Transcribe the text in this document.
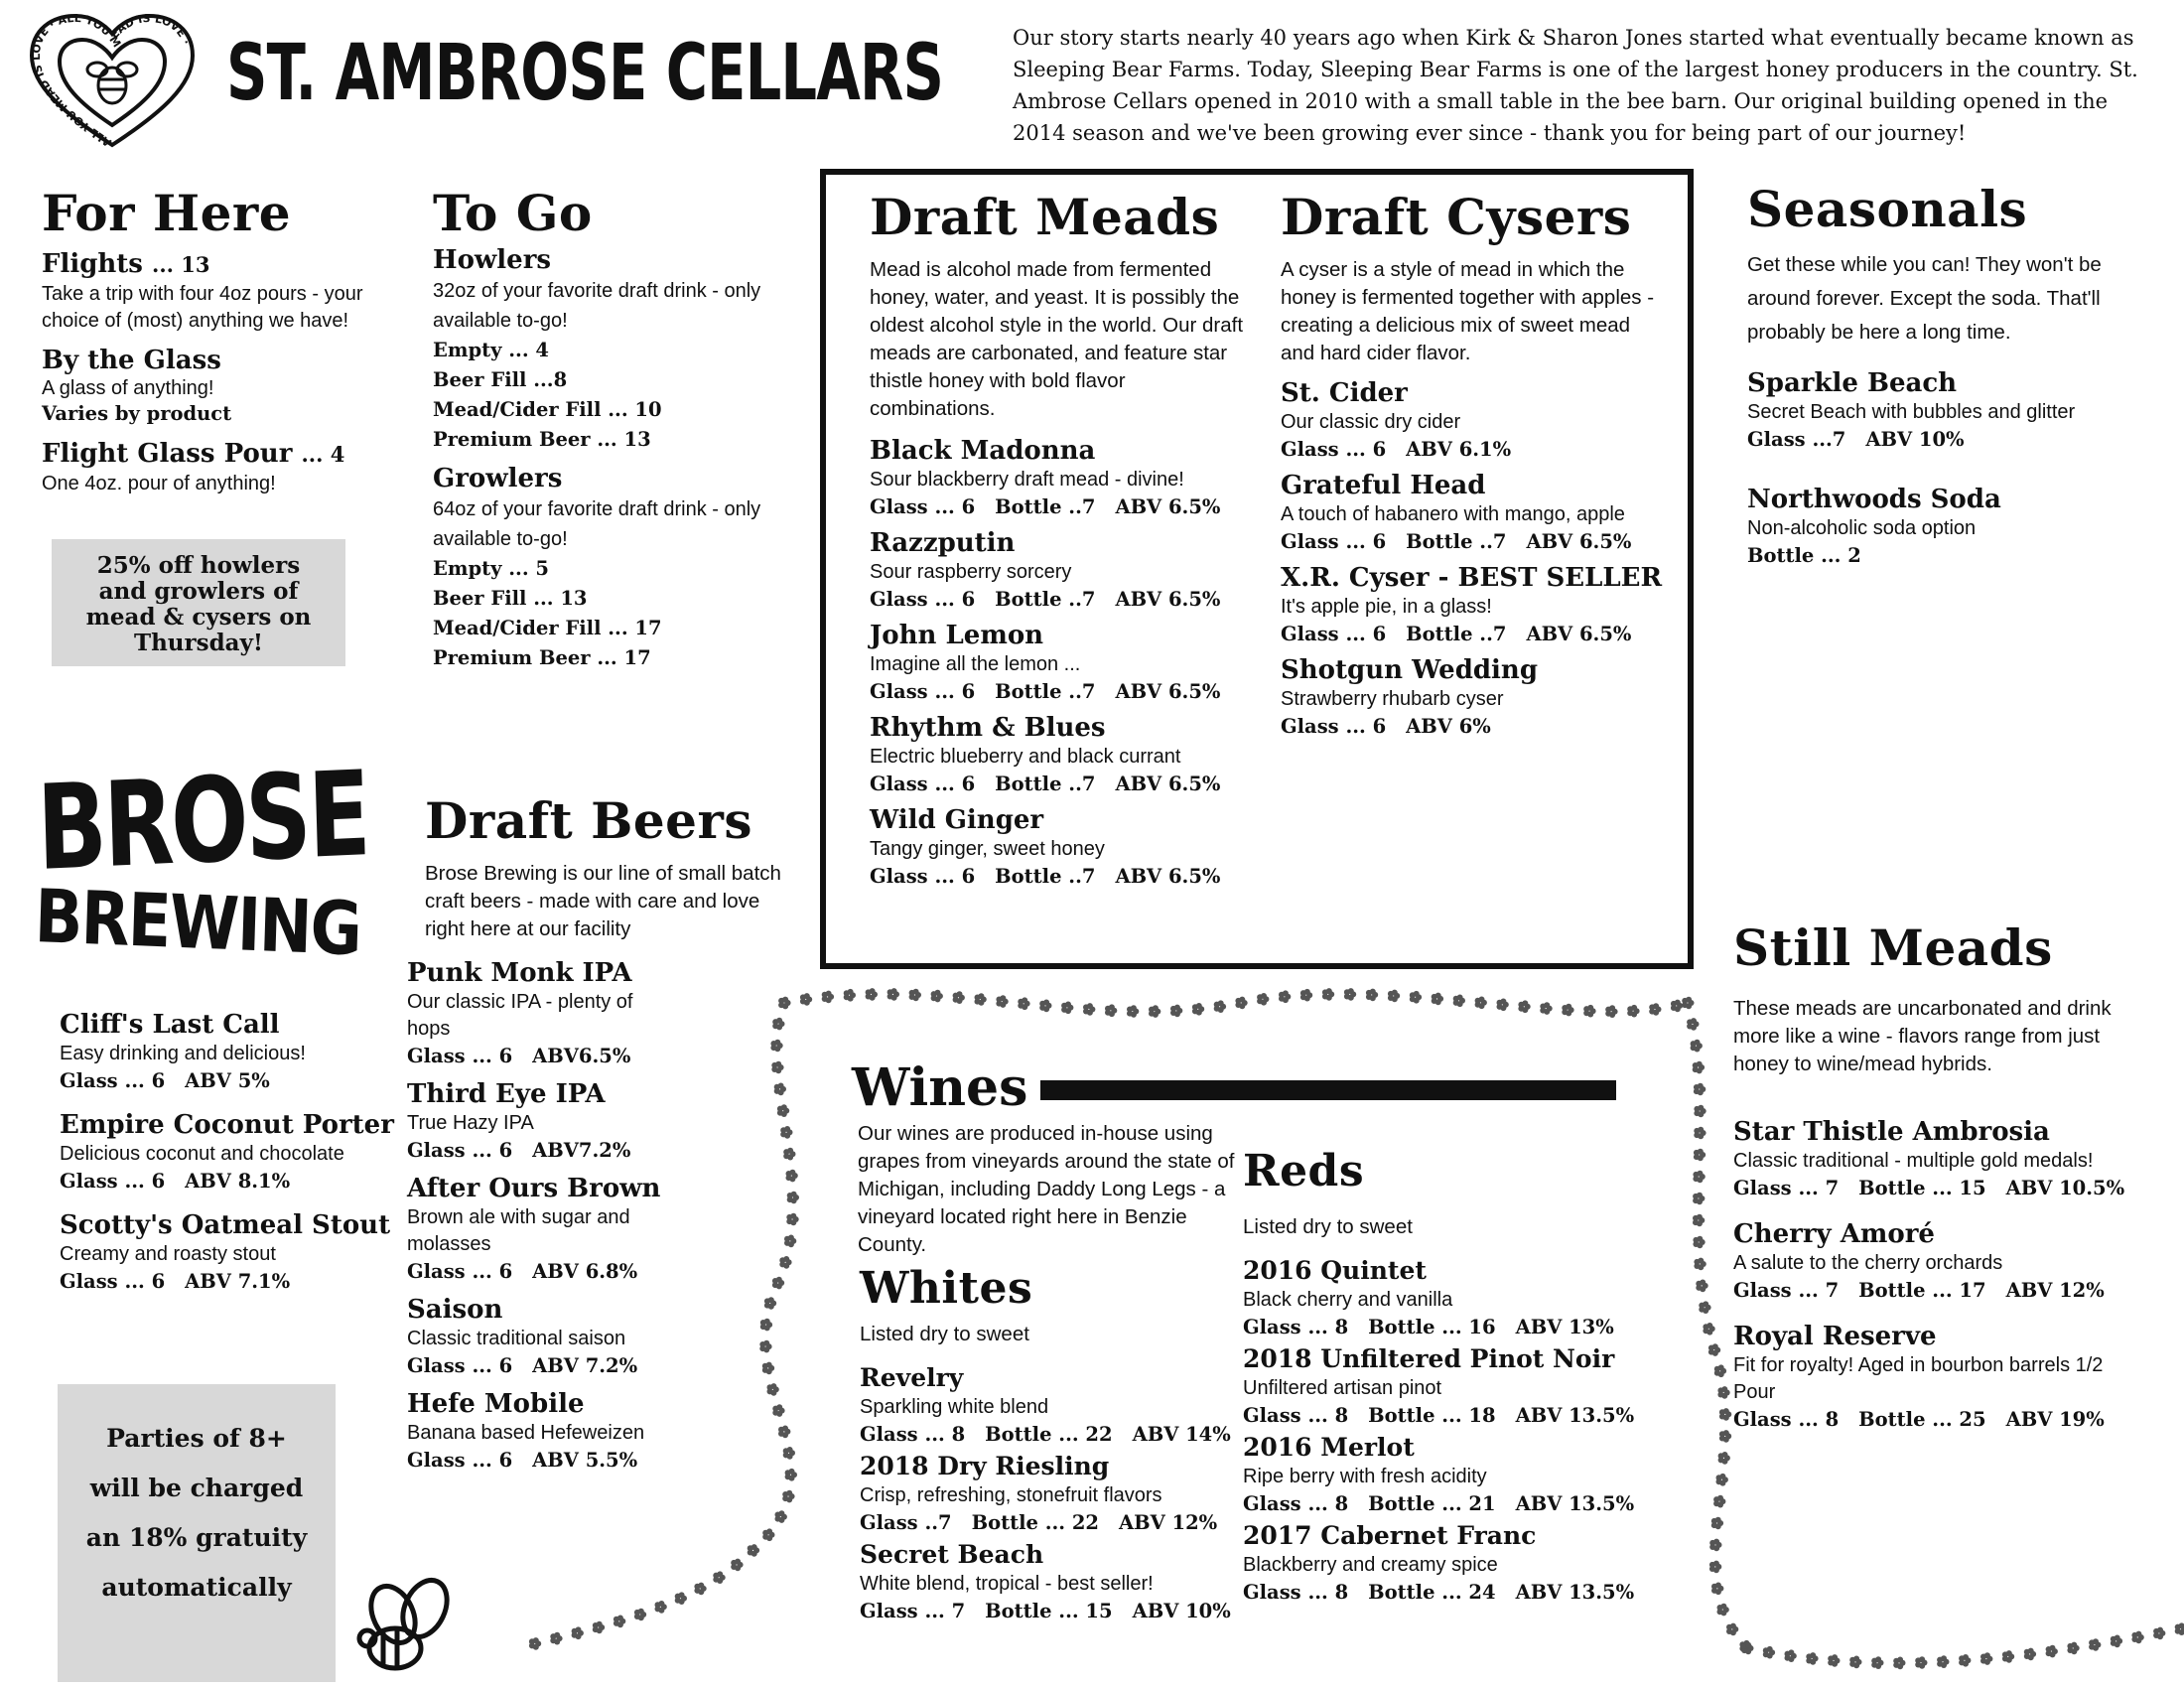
ALL YOU MEAD IS LOVE · ALL YOU MEAD IS LOVE · ST. AMBROSE CELLARS	Our story starts nearly 40 years ago when Kirk & Sharon Jones started what eventually became known as Sleeping Bear Farms. Today, Sleeping Bear Farms is one of the largest honey producers in the country. St. Ambrose Cellars opened in 2010 with a small table in the bee barn. Our original building opened in the 2014 season and we've been growing ever since - thank you for being part of our journey!
For Here
Flights ... 13
Take a trip with four 4oz pours - your choice of (most) anything we have!
By the Glass
A glass of anything!
Varies by product
Flight Glass Pour ... 4
One 4oz. pour of anything!
25% off howlers and growlers of mead & cysers on Thursday!
To Go
Howlers
32oz of your favorite draft drink - only available to-go!
Empty ... 4
Beer Fill ...8
Mead/Cider Fill ... 10
Premium Beer ... 13
Growlers
64oz of your favorite draft drink - only available to-go!
Empty ... 5
Beer Fill ... 13
Mead/Cider Fill ... 17
Premium Beer ... 17
Draft Meads
Mead is alcohol made from fermented honey, water, and yeast. It is possibly the oldest alcohol style in the world. Our draft meads are carbonated, and feature star thistle honey with bold flavor combinations.
Black Madonna
Sour blackberry draft mead - divine!
Glass ... 6 Bottle ..7 ABV 6.5%
Razzputin
Sour raspberry sorcery
Glass ... 6 Bottle ..7 ABV 6.5%
John Lemon
Imagine all the lemon ...
Glass ... 6 Bottle ..7 ABV 6.5%
Rhythm & Blues
Electric blueberry and black currant
Glass ... 6 Bottle ..7 ABV 6.5%
Wild Ginger
Tangy ginger, sweet honey
Glass ... 6 Bottle ..7 ABV 6.5%
Draft Cysers
A cyser is a style of mead in which the honey is fermented together with apples - creating a delicious mix of sweet mead and hard cider flavor.
St. Cider
Our classic dry cider
Glass ... 6 ABV 6.1%
Grateful Head
A touch of habanero with mango, apple
Glass ... 6 Bottle ..7 ABV 6.5%
X.R. Cyser - BEST SELLER
It's apple pie, in a glass!
Glass ... 6 Bottle ..7 ABV 6.5%
Shotgun Wedding
Strawberry rhubarb cyser
Glass ... 6 ABV 6%
Seasonals
Get these while you can! They won't be around forever. Except the soda. That'll probably be here a long time.
Sparkle Beach
Secret Beach with bubbles and glitter
Glass ...7 ABV 10%
Northwoods Soda
Non-alcoholic soda option
Bottle ... 2
BROSE
BREWING
Cliff's Last Call
Easy drinking and delicious!
Glass ... 6 ABV 5%
Empire Coconut Porter
Delicious coconut and chocolate
Glass ... 6 ABV 8.1%
Scotty's Oatmeal Stout
Creamy and roasty stout
Glass ... 6 ABV 7.1%
Parties of 8+ will be charged an 18% gratuity automatically
Draft Beers
Brose Brewing is our line of small batch craft beers - made with care and love right here at our facility
Punk Monk IPA
Our classic IPA - plenty of hops
Glass ... 6 ABV6.5%
Third Eye IPA
True Hazy IPA
Glass ... 6 ABV7.2%
After Ours Brown
Brown ale with sugar and molasses
Glass ... 6 ABV 6.8%
Saison
Classic traditional saison
Glass ... 6 ABV 7.2%
Hefe Mobile
Banana based Hefeweizen
Glass ... 6 ABV 5.5%
Wines
Our wines are produced in-house using grapes from vineyards around the state of Michigan, including Daddy Long Legs - a vineyard located right here in Benzie County.
Whites
Listed dry to sweet
Revelry
Sparkling white blend
Glass ... 8 Bottle ... 22 ABV 14%
2018 Dry Riesling
Crisp, refreshing, stonefruit flavors
Glass ..7 Bottle ... 22 ABV 12%
Secret Beach
White blend, tropical - best seller!
Glass ... 7 Bottle ... 15 ABV 10%
Reds
Listed dry to sweet
2016 Quintet
Black cherry and vanilla
Glass ... 8 Bottle ... 16 ABV 13%
2018 Unfiltered Pinot Noir
Unfiltered artisan pinot
Glass ... 8 Bottle ... 18 ABV 13.5%
2016 Merlot
Ripe berry with fresh acidity
Glass ... 8 Bottle ... 21 ABV 13.5%
2017 Cabernet Franc
Blackberry and creamy spice
Glass ... 8 Bottle ... 24 ABV 13.5%
Still Meads
These meads are uncarbonated and drink more like a wine - flavors range from just honey to wine/mead hybrids.
Star Thistle Ambrosia
Classic traditional - multiple gold medals!
Glass ... 7 Bottle ... 15 ABV 10.5%
Cherry Amoré
A salute to the cherry orchards
Glass ... 7 Bottle ... 17 ABV 12%
Royal Reserve
Fit for royalty! Aged in bourbon barrels 1/2 Pour
Glass ... 8 Bottle ... 25 ABV 19%
